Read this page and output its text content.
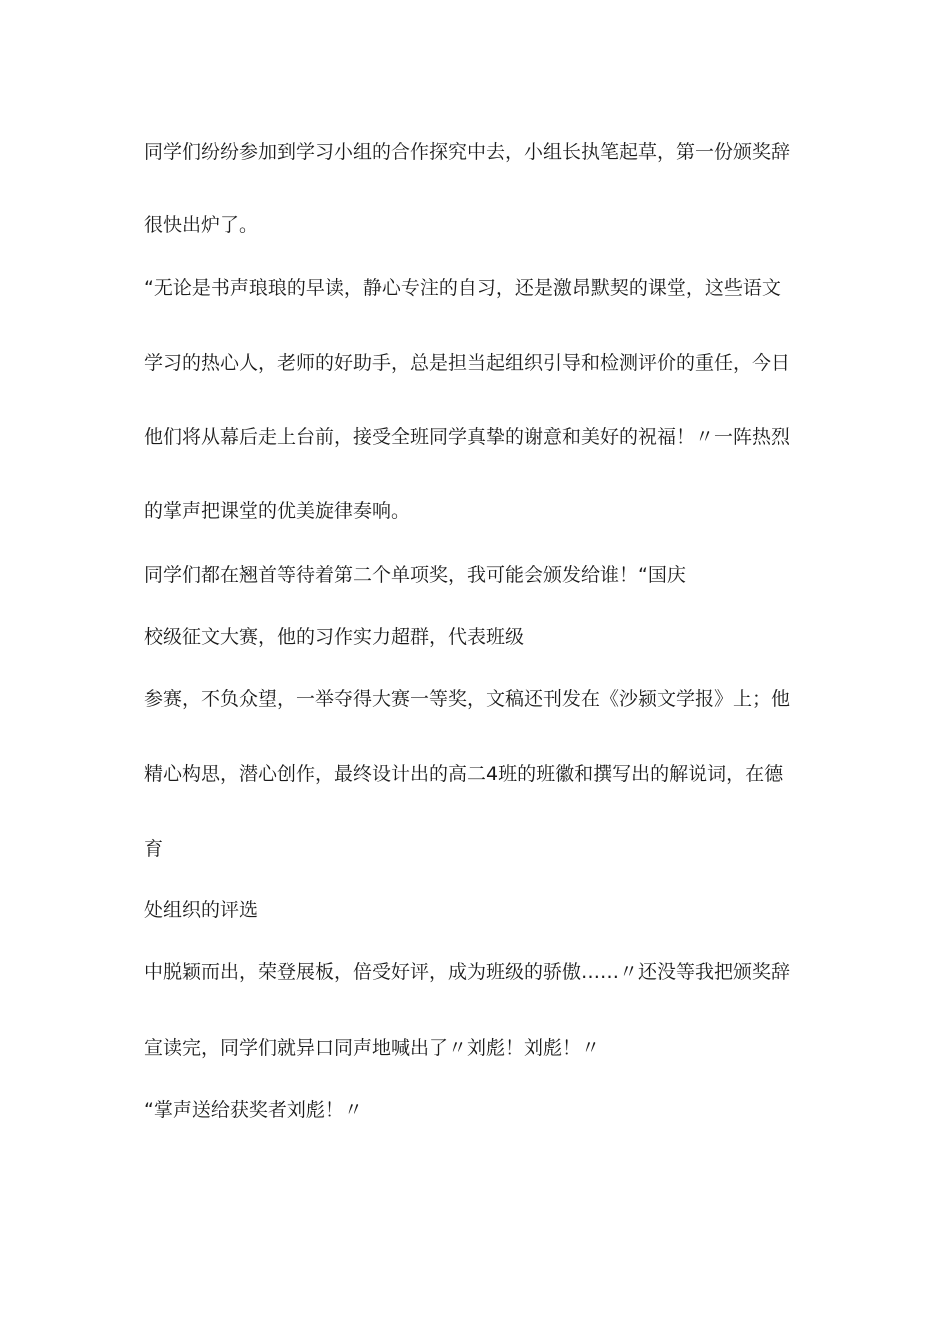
同学们纷纷参加到学习小组的合作探究中去，小组长执笔起草，第一份颁奖辞
很快出炉了。
“无论是书声琅琅的早读，静心专注的自习，还是激昂默契的课堂，这些语文
学习的热心人，老师的好助手，总是担当起组织引导和检测评价的重任，今日
他们将从幕后走上台前，接受全班同学真挚的谢意和美好的祝福！〃一阵热烈
的掌声把课堂的优美旋律奏响。
同学们都在翘首等待着第二个单项奖，我可能会颁发给谁！“国庆
校级征文大赛，他的习作实力超群，代表班级
参赛，不负众望，一举夺得大赛一等奖，文稿还刊发在《沙颍文学报》上；他
精心构思，潜心创作，最终设计出的高二4班的班徽和撰写出的解说词，在德
育
处组织的评选
中脱颖而出，荣登展板，倍受好评，成为班级的骄傲……〃还没等我把颁奖辞
宣读完，同学们就异口同声地喊出了〃刘彪！刘彪！〃
“掌声送给获奖者刘彪！〃
